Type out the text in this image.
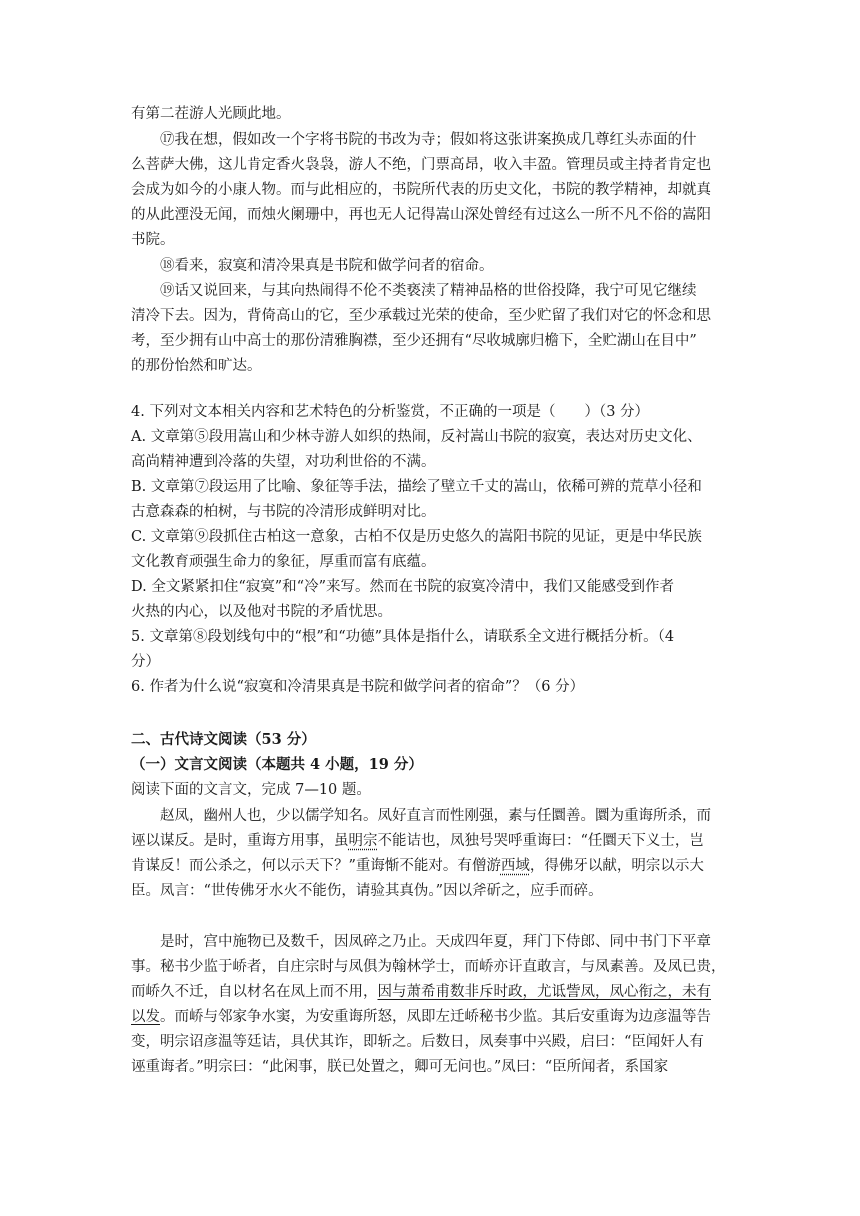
有第二茬游人光顾此地。
⑰我在想，假如改一个字将书院的书改为寺；假如将这张讲案换成几尊红头赤面的什
么菩萨大佛，这儿肯定香火袅袅，游人不绝，门票高昂，收入丰盈。管理员或主持者肯定也
会成为如今的小康人物。而与此相应的，书院所代表的历史文化，书院的教学精神，却就真
的从此湮没无闻，而烛火阑珊中，再也无人记得嵩山深处曾经有过这么一所不凡不俗的嵩阳
书院。
⑱看来，寂寞和清冷果真是书院和做学问者的宿命。
⑲话又说回来，与其向热闹得不伦不类亵渎了精神品格的世俗投降，我宁可见它继续
清冷下去。因为，背倚高山的它，至少承载过光荣的使命，至少贮留了我们对它的怀念和思
考，至少拥有山中高士的那份清雅胸襟，至少还拥有“尽收城廓归檐下，全贮湖山在目中”
的那份怡然和旷达。
4. 下列对文本相关内容和艺术特色的分析鉴赏，不正确的一项是（　　）（3 分）
A. 文章第⑤段用嵩山和少林寺游人如织的热闹，反衬嵩山书院的寂寞，表达对历史文化、
高尚精神遭到冷落的失望，对功利世俗的不满。
B. 文章第⑦段运用了比喻、象征等手法，描绘了壁立千丈的嵩山，依稀可辨的荒草小径和
古意森森的柏树，与书院的冷清形成鲜明对比。
C. 文章第⑨段抓住古柏这一意象，古柏不仅是历史悠久的嵩阳书院的见证，更是中华民族
文化教育顽强生命力的象征，厚重而富有底蕴。
D. 全文紧紧扣住“寂寞”和“冷”来写。然而在书院的寂寞冷清中，我们又能感受到作者
火热的内心，以及他对书院的矛盾忧思。
5. 文章第⑧段划线句中的“根”和“功德”具体是指什么，请联系全文进行概括分析。（4
分）
6. 作者为什么说“寂寞和冷清果真是书院和做学问者的宿命”？（6 分）
二、古代诗文阅读（53 分）
（一）文言文阅读（本题共 4 小题，19 分）
阅读下面的文言文，完成 7—10 题。
赵凤，幽州人也，少以儒学知名。凤好直言而性刚强，素与任圜善。圜为重诲所杀，而
诬以谋反。是时，重诲方用事，虽明宗不能诘也，凤独号哭呼重诲曰：“任圜天下义士，岂
肯谋反！而公杀之，何以示天下？”重诲惭不能对。有僧游西域，得佛牙以献，明宗以示大
臣。凤言：“世传佛牙水火不能伤，请验其真伪。”因以斧斫之，应手而碎。
是时，宫中施物已及数千，因凤碎之乃止。天成四年夏，拜门下侍郎、同中书门下平章
事。秘书少监于峤者，自庄宗时与凤俱为翰林学士，而峤亦讦直敢言，与凤素善。及凤已贵，
而峤久不迁，自以材名在凤上而不用，因与萧希甫数非斥时政，尤诋訾凤，凤心衔之，未有
以发。而峤与邻家争水窦，为安重诲所怒，凤即左迁峤秘书少监。其后安重诲为边彦温等告
变，明宗诏彦温等廷诘，具伏其诈，即斩之。后数日，凤奏事中兴殿，启曰：“臣闻奸人有
诬重诲者。”明宗曰：“此闲事，朕已处置之，卿可无问也。”凤曰：“臣所闻者，系国家
